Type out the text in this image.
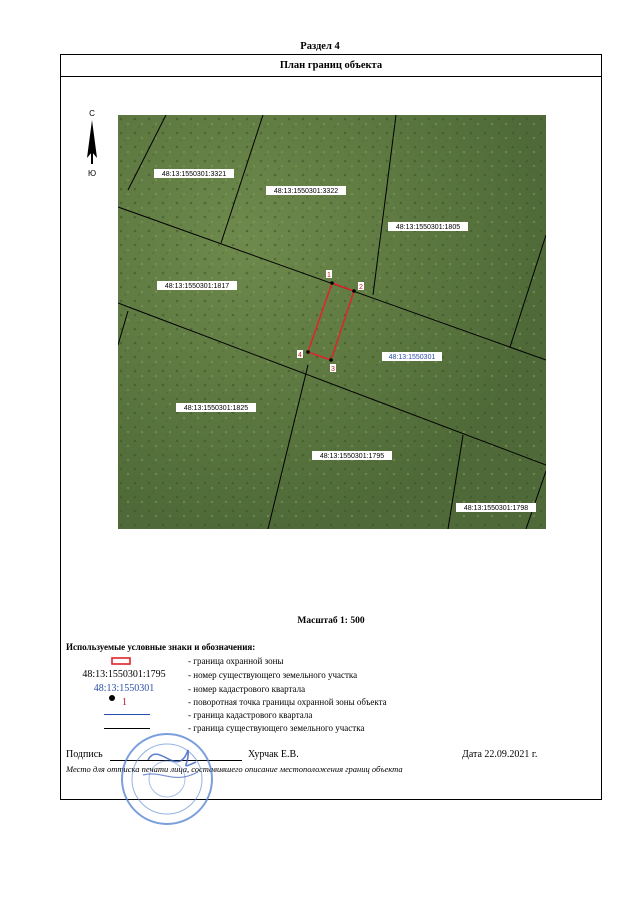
Раздел 4
План границ объекта
С
Ю
1
2
3
4
48:13:1550301:3321
48:13:1550301:3322
48:13:1550301:1805
48:13:1550301:1817
48:13:1550301:1825
48:13:1550301:1795
48:13:1550301:1798
48:13:1550301
Масштаб 1: 500
Используемые условные знаки и обозначения:
- граница охранной зоны
48:13:1550301:1795	- номер существующего земельного участка
48:13:1550301	- номер кадастрового квартала
1	- поворотная точка границы охранной зоны объекта
- граница кадастрового квартала
- граница существующего земельного участка
Подпись	Хурчак Е.В.	Дата 22.09.2021 г.
Место для оттиска печати лица, составившего описание местоположения границ объекта
